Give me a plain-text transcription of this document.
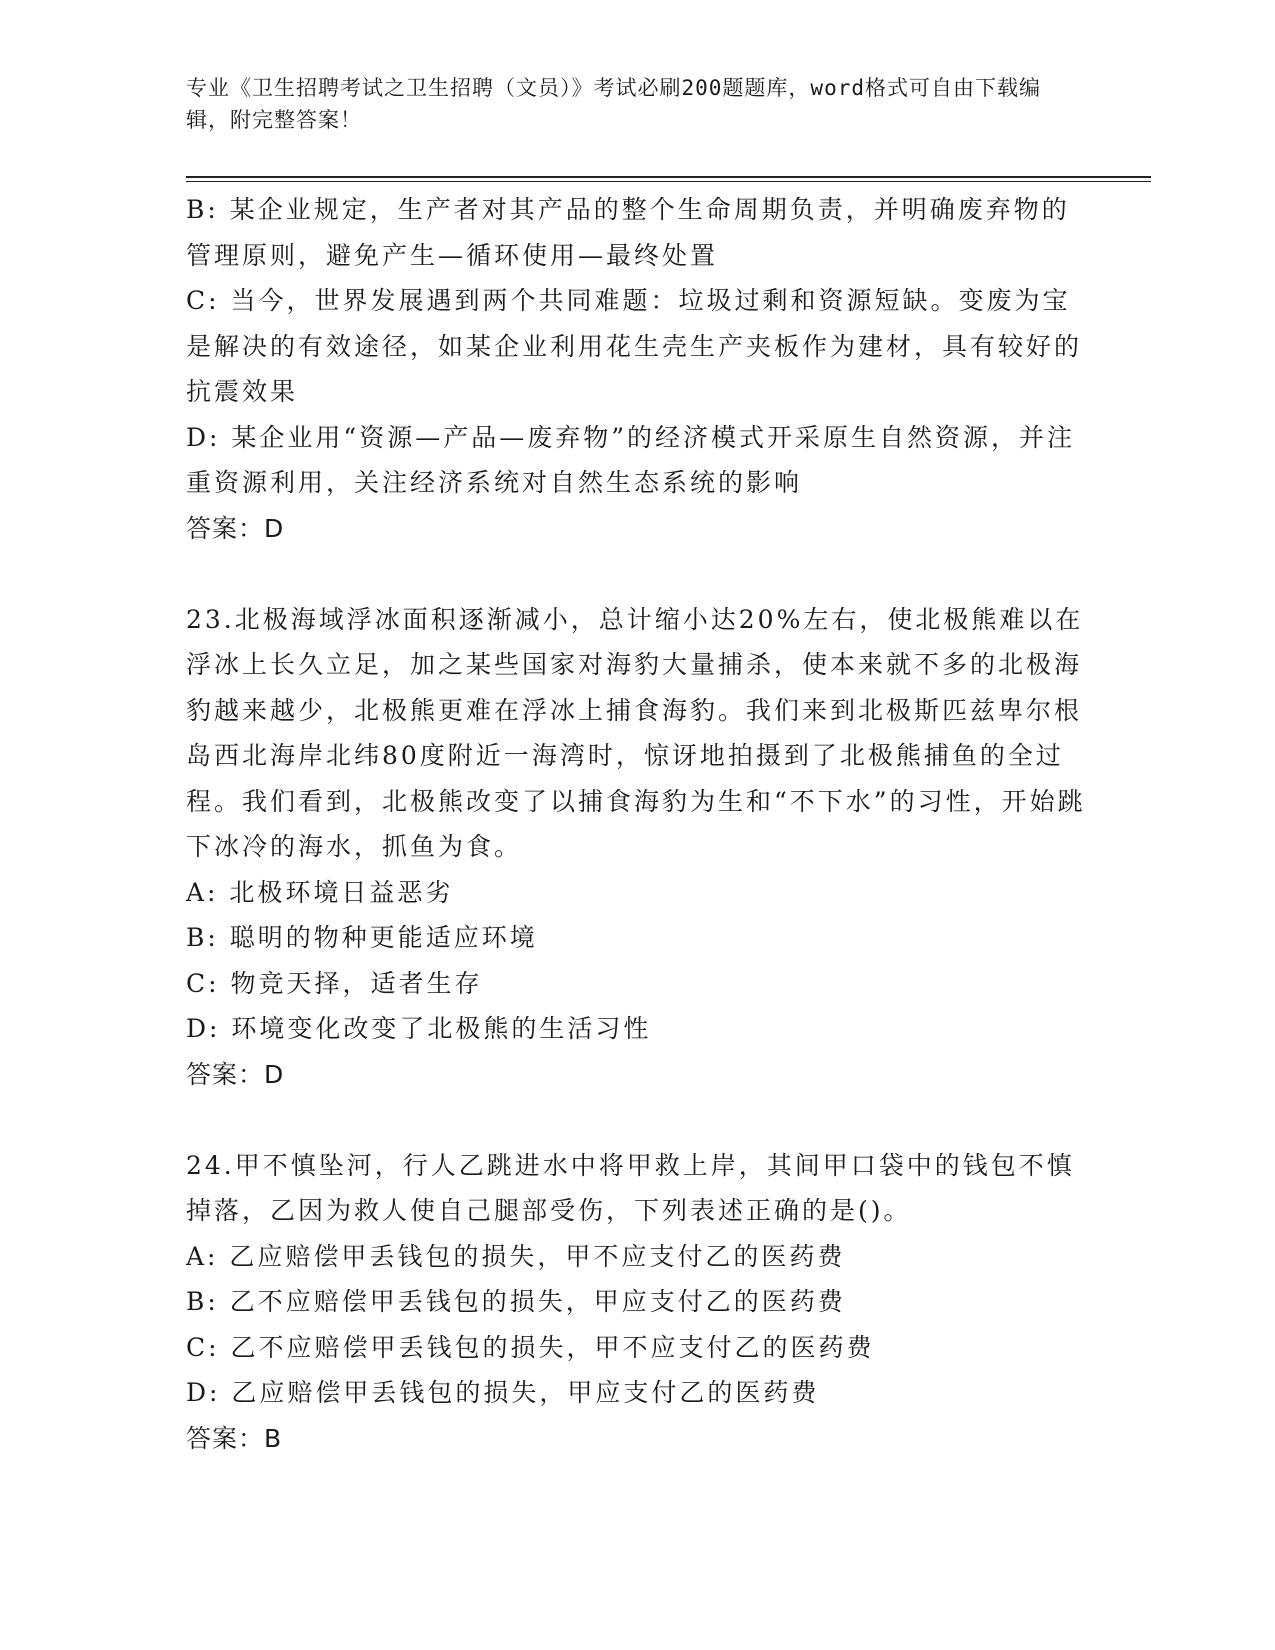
专业《卫生招聘考试之卫生招聘（文员）》考试必刷200题题库，word格式可自由下载编辑，附完整答案！

B: 某企业规定，生产者对其产品的整个生命周期负责，并明确废弃物的管理原则，避免产生—循环使用—最终处置

C: 当今，世界发展遇到两个共同难题：垃圾过剩和资源短缺。变废为宝是解决的有效途径，如某企业利用花生壳生产夹板作为建材，具有较好的抗震效果

D: 某企业用“资源—产品—废弃物”的经济模式开采原生自然资源，并注重资源利用，关注经济系统对自然生态系统的影响

答案：D

23.北极海域浮冰面积逐渐减小，总计缩小达20%左右，使北极熊难以在浮冰上长久立足，加之某些国家对海豹大量捕杀，使本来就不多的北极海豹越来越少，北极熊更难在浮冰上捕食海豹。我们来到北极斯匹兹卑尔根岛西北海岸北纬80度附近一海湾时，惊讶地拍摄到了北极熊捕鱼的全过程。我们看到，北极熊改变了以捕食海豹为生和“不下水”的习性，开始跳下冰冷的海水，抓鱼为食。

A: 北极环境日益恶劣

B: 聪明的物种更能适应环境

C: 物竞天择，适者生存

D: 环境变化改变了北极熊的生活习性

答案：D

24.甲不慎坠河，行人乙跳进水中将甲救上岸，其间甲口袋中的钱包不慎掉落，乙因为救人使自己腿部受伤，下列表述正确的是()。

A: 乙应赔偿甲丢钱包的损失，甲不应支付乙的医药费

B: 乙不应赔偿甲丢钱包的损失，甲应支付乙的医药费

C: 乙不应赔偿甲丢钱包的损失，甲不应支付乙的医药费

D: 乙应赔偿甲丢钱包的损失，甲应支付乙的医药费

答案：B
